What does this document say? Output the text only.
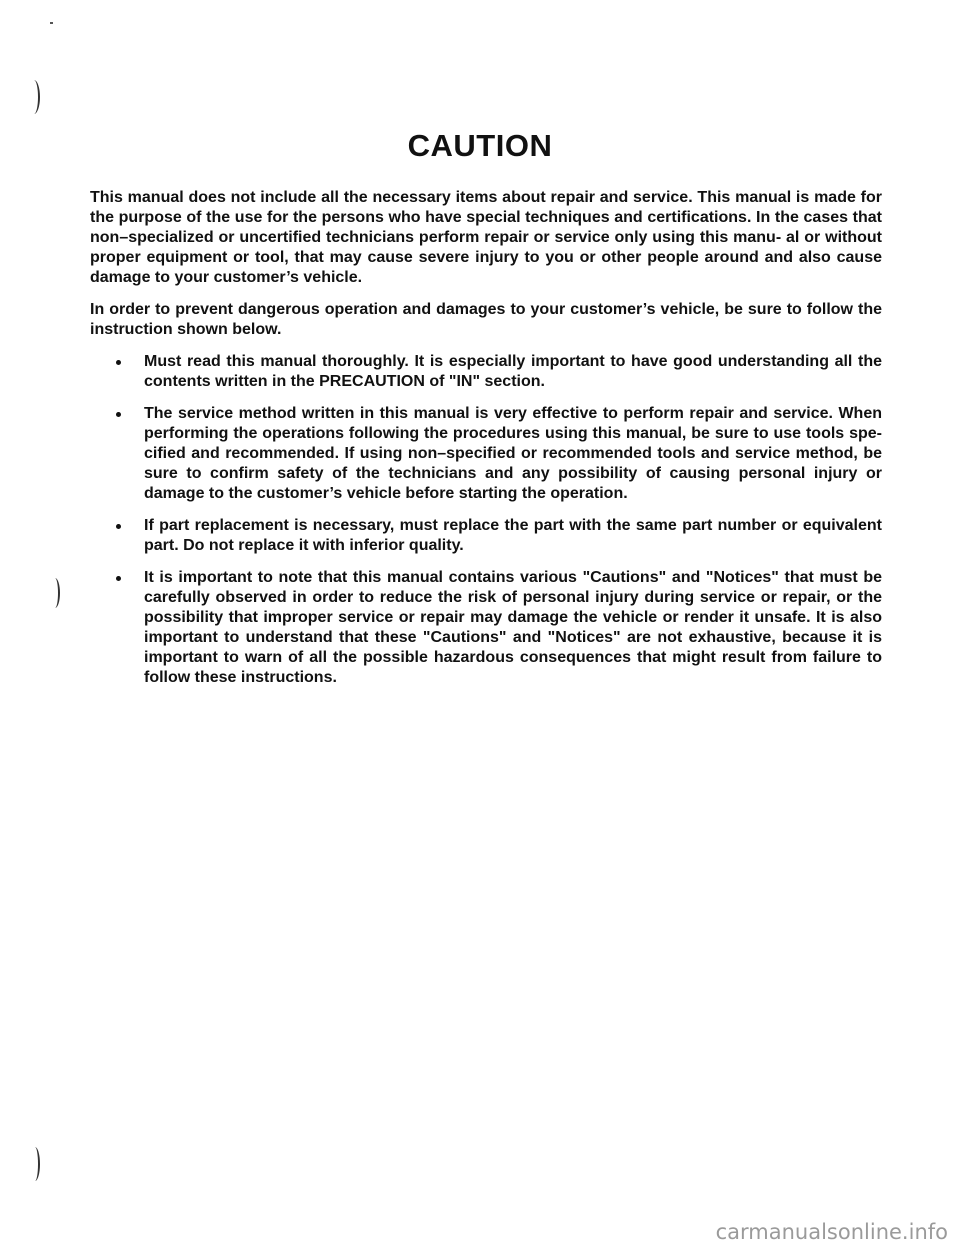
CAUTION

This manual does not include all the necessary items about repair and service. This manual is made for the purpose of the use for the persons who have special techniques and certifications. In the cases that non–specialized or uncertified technicians perform repair or service only using this manu- al or without proper equipment or tool, that may cause severe injury to you or other people around and also cause damage to your customer’s vehicle.

In order to prevent dangerous operation and damages to your customer’s vehicle, be sure to follow the instruction shown below.

Must read this manual thoroughly. It is especially important to have good understanding all the contents written in the PRECAUTION of "IN" section.
The service method written in this manual is very effective to perform repair and service. When performing the operations following the procedures using this manual, be sure to use tools spe- cified and recommended. If using non–specified or recommended tools and service method, be sure to confirm safety of the technicians and any possibility of causing personal injury or damage to the customer’s vehicle before starting the operation.
If part replacement is necessary, must replace the part with the same part number or equivalent part. Do not replace it with inferior quality.
It is important to note that this manual contains various "Cautions" and "Notices" that must be carefully observed in order to reduce the risk of personal injury during service or repair, or the possibility that improper service or repair may damage the vehicle or render it unsafe. It is also important to understand that these "Cautions" and "Notices" are not exhaustive, because it is important to warn of all the possible hazardous consequences that might result from failure to follow these instructions.
carmanualsonline.info
